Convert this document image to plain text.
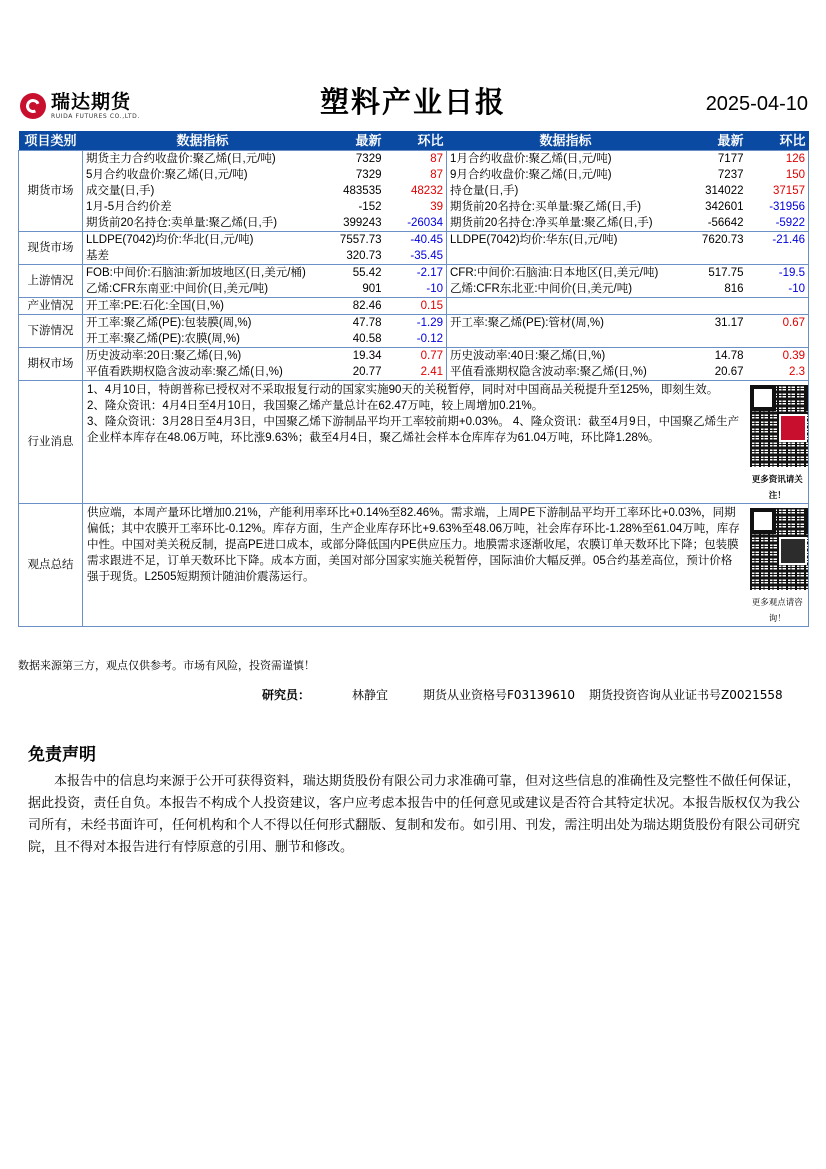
瑞达期货
RUIDA FUTURES CO.,LTD.	塑料产业日报	2025-04-10
项目类别	数据指标	最新	环比	数据指标	最新	环比
期货市场	期货主力合约收盘价:聚乙烯(日,元/吨)	7329	87	1月合约收盘价:聚乙烯(日,元/吨)	7177	126
	5月合约收盘价:聚乙烯(日,元/吨)	7329	87	9月合约收盘价:聚乙烯(日,元/吨)	7237	150
	成交量(日,手)	483535	48232	持仓量(日,手)	314022	37157
	1月-5月合约价差	-152	39	期货前20名持仓:买单量:聚乙烯(日,手)	342601	-31956
	期货前20名持仓:卖单量:聚乙烯(日,手)	399243	-26034	期货前20名持仓:净买单量:聚乙烯(日,手)	-56642	-5922
现货市场	LLDPE(7042)均价:华北(日,元/吨)	7557.73	-40.45	LLDPE(7042)均价:华东(日,元/吨)	7620.73	-21.46
	基差	320.73	-35.45			
上游情况	FOB:中间价:石脑油:新加坡地区(日,美元/桶)	55.42	-2.17	CFR:中间价:石脑油:日本地区(日,美元/吨)	517.75	-19.5
	乙烯:CFR东南亚:中间价(日,美元/吨)	901	-10	乙烯:CFR东北亚:中间价(日,美元/吨)	816	-10
产业情况	开工率:PE:石化:全国(日,%)	82.46	0.15			
下游情况	开工率:聚乙烯(PE):包装膜(周,%)	47.78	-1.29	开工率:聚乙烯(PE):管材(周,%)	31.17	0.67
	开工率:聚乙烯(PE):农膜(周,%)	40.58	-0.12			
期权市场	历史波动率:20日:聚乙烯(日,%)	19.34	0.77	历史波动率:40日:聚乙烯(日,%)	14.78	0.39
	平值看跌期权隐含波动率:聚乙烯(日,%)	20.77	2.41	平值看涨期权隐含波动率:聚乙烯(日,%)	20.67	2.3
行业消息	1、4月10日，特朗普称已授权对不采取报复行动的国家实施90天的关税暂停，同时对中国商品关税提升至125%，即刻生效。
2、隆众资讯：4月4日至4月10日，我国聚乙烯产量总计在62.47万吨，较上周增加0.21%。
3、隆众资讯：3月28日至4月3日，中国聚乙烯下游制品平均开工率较前期+0.03%。 4、隆众资讯：截至4月9日，中国聚乙烯生产企业样本库存在48.06万吨，环比涨9.63%；截至4月4日，聚乙烯社会样本仓库库存为61.04万吨，环比降1.28%。					更多资讯请关注！

观点总结	供应端，本周产量环比增加0.21%，产能利用率环比+0.14%至82.46%。需求端，上周PE下游制品平均开工率环比+0.03%，同期偏低；其中农膜开工率环比-0.12%。库存方面，生产企业库存环比+9.63%至48.06万吨，社会库存环比-1.28%至61.04万吨，库存中性。中国对美关税反制，提高PE进口成本，或部分降低国内PE供应压力。地膜需求逐渐收尾，农膜订单天数环比下降；包装膜需求跟进不足，订单天数环比下降。成本方面，美国对部分国家实施关税暂停，国际油价大幅反弹。05合约基差高位，预计价格强于现货。L2505短期预计随油价震荡运行。					更多观点请咨询！
数据来源第三方，观点仅供参考。市场有风险，投资需谨慎！
研究员：	林静宜	期货从业资格号F03139610 期货投资咨询从业证书号Z0021558
免责声明
本报告中的信息均来源于公开可获得资料，瑞达期货股份有限公司力求准确可靠，但对这些信息的准确性及完整性不做任何保证，据此投资，责任自负。本报告不构成个人投资建议，客户应考虑本报告中的任何意见或建议是否符合其特定状况。本报告版权仅为我公司所有，未经书面许可，任何机构和个人不得以任何形式翻版、复制和发布。如引用、刊发，需注明出处为瑞达期货股份有限公司研究院，且不得对本报告进行有悖原意的引用、删节和修改。
